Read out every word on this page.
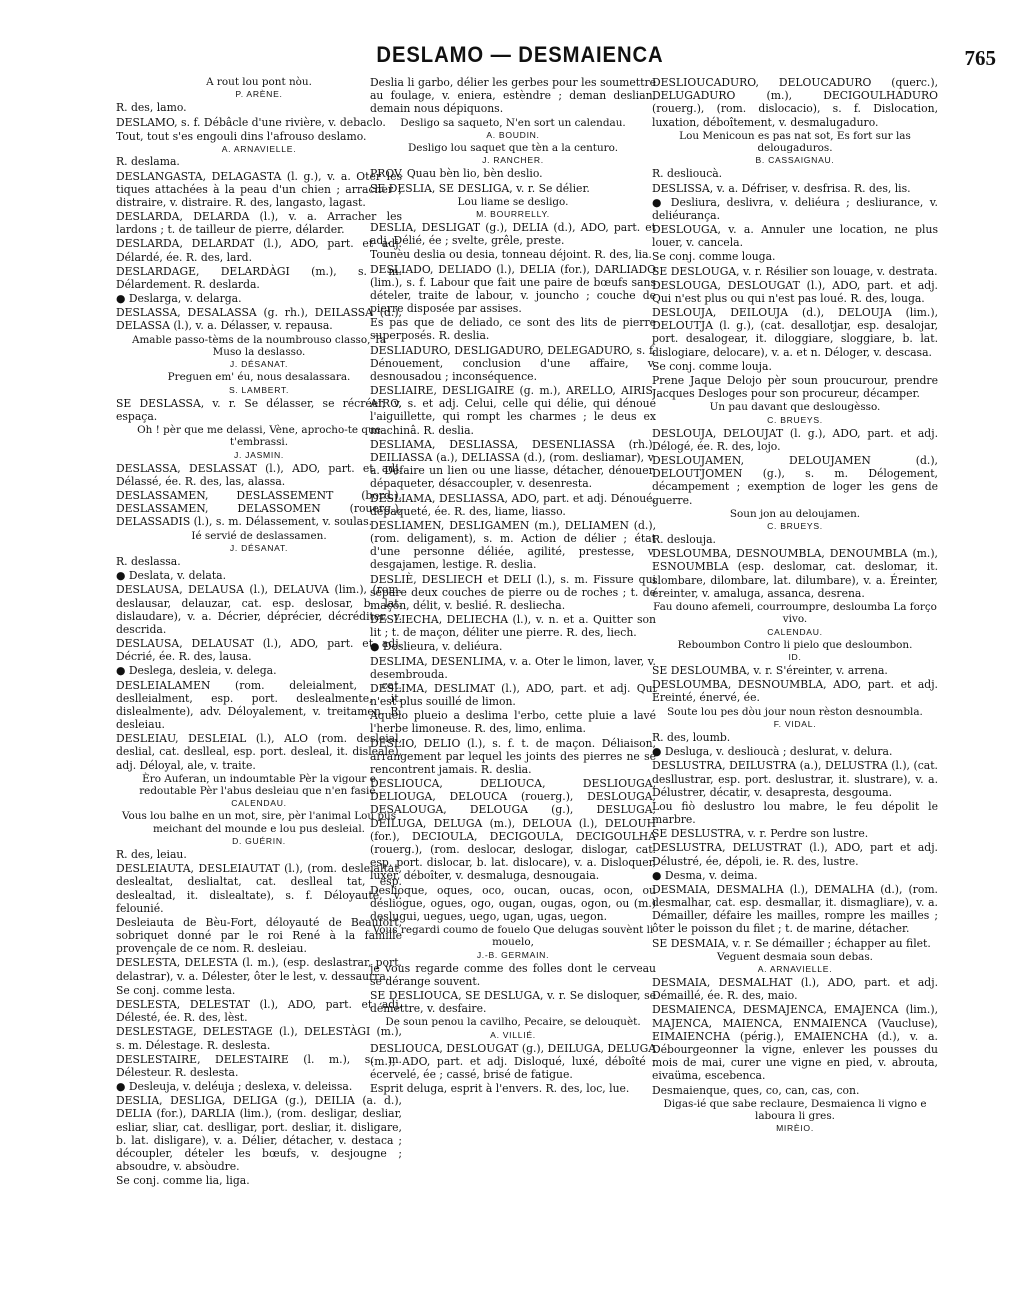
DESLAMO — DESMAIENCA	765
A rout lou pont nòu.
P. ARÈNE.
R. des, lamo.
DESLAMO, s. f. Débâcle d'une rivière, v. debaclo.
Tout, tout s'es engouli dins l'afrouso deslamo.
A. ARNAVIELLE.
R. deslama.
DESLANGASTA, DELAGASTA (l. g.), v. a. Oter les tiques attachées à la peau d'un chien ; arracher ; distraire, v. distraire. R. des, langasto, lagast.
DESLARDA, DELARDA (l.), v. a. Arracher les lardons ; t. de tailleur de pierre, délarder.
DESLARDA, DELARDAT (l.), ADO, part. et adj. Délardé, ée. R. des, lard.
DESLARDAGE, DELARDÀGI (m.), s. m. Délardement. R. deslarda.
● Deslarga, v. delarga.
DESLASSA, DESALASSA (g. rh.), DEILASSA (d.), DELASSA (l.), v. a. Délasser, v. repausa.
Amable passo-tèms de la noumbrouso classo, Ta Muso la deslasso.
J. DÉSANAT.
Preguen em' éu, nous desalassara.
S. LAMBERT.
SE DESLASSA, v. r. Se délasser, se récréer, v. espaça.
Oh ! pèr que me delassi, Vène, aprocho-te que t'embrassi.
J. JASMIN.
DESLASSA, DESLASSAT (l.), ADO, part. et adj. Délassé, ée. R. des, las, alassa.
DESLASSAMEN, DESLASSEMENT (bord.), DESLASSAMEN, DELASSOMEN (rouerg.), DELASSADIS (l.), s. m. Délassement, v. soulas.
Ié servié de deslassamen.
J. DÉSANAT.
R. deslassa.
● Deslata, v. delata.
DESLAUSA, DELAUSA (l.), DELAUVA (lim.), (rom. deslausar, delauzar, cat. esp. deslosar, b. lat. dislaudare), v. a. Décrier, déprécier, décréditer, v. descrida.
DESLAUSA, DELAUSAT (l.), ADO, part. et adj. Décrié, ée. R. des, lausa.
● Deslega, desleia, v. delega.
DESLEIALAMEN (rom. deleialment, cat. deslleialment, esp. port. deslealmente, it. dislealmente), adv. Déloyalement, v. treitamen. R. desleiau.
DESLEIAU, DESLEIAL (l.), ALO (rom. desleial, deslial, cat. deslleal, esp. port. desleal, it. disleale), adj. Déloyal, ale, v. traite.
Èro Auferan, un indoumtable Pèr la vigour e redoutable Pèr l'abus desleiau que n'en fasié.
CALENDAU.
Vous lou balhe en un mot, sire, pèr l'animal Lou pus meichant del mounde e lou pus desleial.
D. GUÉRIN.
R. des, leiau.
DESLEIAUTA, DESLEIAUTAT (l.), (rom. desleialtat, deslealtat, deslialtat, cat. deslleal tat, esp. deslealtad, it. dislealtate), s. f. Déloyauté, v. felounié.
Desleiauta de Bèu-Fort, déloyauté de Beaufort, sobriquet donné par le roi René à la famille provençale de ce nom. R. desleiau.
DESLESTA, DELESTA (l. m.), (esp. deslastrar, port. delastrar), v. a. Délester, ôter le lest, v. dessaurra.
Se conj. comme lesta.
DESLESTA, DELESTAT (l.), ADO, part. et adj. Délesté, ée. R. des, lèst.
DESLESTAGE, DELESTAGE (l.), DELESTÀGI (m.), s. m. Délestage. R. deslesta.
DESLESTAIRE, DELESTAIRE (l. m.), s. m. Délesteur. R. deslesta.
● Desleuja, v. deléuja ; deslexa, v. deleissa.
DESLIA, DESLIGA, DELIGA (g.), DEILIA (a. d.), DELIA (for.), DARLIA (lim.), (rom. desligar, desliar, esliar, sliar, cat. deslligar, port. desliar, it. disligare, b. lat. disligare), v. a. Délier, détacher, v. destaca ; découpler, dételer les bœufs, v. desjougne ; absoudre, v. absòudre.
Se conj. comme lia, liga.
Deslia li garbo, délier les gerbes pour les soumettre au foulage, v. eniera, estèndre ; deman deslian, demain nous dépiquons.
Desligo sa saqueto, N'en sort un calendau.
A. BOUDIN.
Desligo lou saquet que tèn a la centuro.
J. RANCHER.
PROV. Quau bèn lio, bèn deslio.
SE DESLIA, SE DESLIGA, v. r. Se délier.
Lou liame se desligo.
M. BOURRELLY.
DESLIA, DESLIGAT (g.), DELIA (d.), ADO, part. et adj. Délié, ée ; svelte, grêle, preste.
Tounèu deslia ou desia, tonneau déjoint. R. des, lia.
DESLIADO, DELIADO (l.), DELIA (for.), DARLIADO (lim.), s. f. Labour que fait une paire de bœufs sans dételer, traite de labour, v. jouncho ; couche de pierre disposée par assises.
Es pas que de deliado, ce sont des lits de pierre superposés. R. deslia.
DESLIADURO, DESLIGADURO, DELEGADURO, s. f. Dénouement, conclusion d'une affaire, v. desnousadou ; inconséquence.
DESLIAIRE, DESLIGAIRE (g. m.), ARELLO, AIRIS, AIRO, s. et adj. Celui, celle qui délie, qui dénoue l'aiguillette, qui rompt les charmes ; le deus ex machinâ. R. deslia.
DESLIAMA, DESLIASSA, DESENLIASSA (rh.), DEILIASSA (a.), DELIASSA (d.), (rom. desliamar), v. a. Défaire un lien ou une liasse, détacher, dénouer, dépaqueter, désaccoupler, v. desenresta.
DESLIAMA, DESLIASSA, ADO, part. et adj. Dénoué, dépaqueté, ée. R. des, liame, liasso.
DESLIAMEN, DESLIGAMEN (m.), DELIAMEN (d.), (rom. deligament), s. m. Action de délier ; état d'une personne déliée, agilité, prestesse, v. desgajamen, lestige. R. deslia.
DESLIÈ, DESLIECH et DELI (l.), s. m. Fissure qui sépare deux couches de pierre ou de roches ; t. de maçon, délit, v. beslié. R. desliecha.
DESLIECHA, DELIECHA (l.), v. n. et a. Quitter son lit ; t. de maçon, déliter une pierre. R. des, liech.
● Deslieura, v. deliéura.
DESLIMA, DESENLIMA, v. a. Oter le limon, laver, v. desembrouda.
DESLIMA, DESLIMAT (l.), ADO, part. et adj. Qui n'est plus souillé de limon.
Aquelo plueio a deslima l'erbo, cette pluie a lavé l'herbe limoneuse. R. des, limo, enlima.
DESLIO, DELIO (l.), s. f. t. de maçon. Déliaison, arrangement par lequel les joints des pierres ne se rencontrent jamais. R. deslia.
DESLIOUCA, DELIOUCA, DESLIOUGA, DELIOUGA, DELOUCA (rouerg.), DESLOUGA, DESALOUGA, DELOUGA (g.), DESLUGA, DEILUGA, DELUGA (m.), DELOUA (l.), DELOUH (for.), DECIOULA, DECIGOULA, DECIGOULHA (rouerg.), (rom. deslocar, deslogar, dislogar, cat. esp. port. dislocar, b. lat. dislocare), v. a. Disloquer, luxer, déboîter, v. desmaluga, desnougaia.
Deslioque, oques, oco, oucan, oucas, ocon, ou desliogue, ogues, ogo, ougan, ougas, ogon, ou (m.) deslugui, uegues, uego, ugan, ugas, uegon.
Vous regardi coumo de fouelo Que delugas souvènt li mouelo,
J.-B. GERMAIN.
je vous regarde comme des folles dont le cerveau se dérange souvent.
SE DESLIOUCA, SE DESLUGA, v. r. Se disloquer, se démettre, v. desfaire.
De soun penou la cavilho, Pecaire, se delouquèt.
A. VILLIÉ.
DESLIOUCA, DESLOUGAT (g.), DEILUGA, DELUGA (m.), ADO, part. et adj. Disloqué, luxé, déboîté ; écervelé, ée ; cassé, brisé de fatigue.
Esprit deluga, esprit à l'envers. R. des, loc, lue.
DESLIOUCADURO, DELOUCADURO (querc.), DELUGADURO (m.), DECIGOULHADURO (rouerg.), (rom. dislocacio), s. f. Dislocation, luxation, déboîtement, v. desmalugaduro.
Lou Menicoun es pas nat sot, Es fort sur las delougaduros.
B. CASSAIGNAU.
R. deslioucà.
DESLISSA, v. a. Défriser, v. desfrisa. R. des, lis.
● Desliura, deslivra, v. deliéura ; desliurance, v. deliéurança.
DESLOUGA, v. a. Annuler une location, ne plus louer, v. cancela.
Se conj. comme louga.
SE DESLOUGA, v. r. Résilier son louage, v. destrata.
DESLOUGA, DESLOUGAT (l.), ADO, part. et adj. Qui n'est plus ou qui n'est pas loué. R. des, louga.
DESLOUJA, DEILOUJA (d.), DELOUJA (lim.), DELOUTJA (l. g.), (cat. desallotjar, esp. desalojar, port. desalogear, it. diloggiare, sloggiare, b. lat. dislogiare, delocare), v. a. et n. Déloger, v. descasa.
Se conj. comme louja.
Prene Jaque Delojo pèr soun proucurour, prendre Jacques Desloges pour son procureur, décamper.
Un pau davant que deslougèsso.
C. BRUEYS.
DESLOUJA, DELOUJAT (l. g.), ADO, part. et adj. Délogé, ée. R. des, lojo.
DESLOUJAMEN, DELOUJAMEN (d.), DELOUTJOMEN (g.), s. m. Délogement, décampement ; exemption de loger les gens de guerre.
Soun jon au deloujamen.
C. BRUEYS.
R. deslouja.
DESLOUMBA, DESNOUMBLA, DENOUMBLA (m.), ESNOUMBLA (esp. deslomar, cat. deslomar, it. slombare, dilombare, lat. dilumbare), v. a. Éreinter, éreinter, v. amaluga, assanca, desrena.
Fau douno afemeli, courroumpre, desloumba La forço vivo.
CALENDAU.
Reboumbon Contro li pielo que desloumbon.
ID.
SE DESLOUMBA, v. r. S'éreinter, v. arrena.
DESLOUMBA, DESNOUMBLA, ADO, part. et adj. Éreinté, énervé, ée.
Soute lou pes dòu jour noun rèston desnoumbla.
F. VIDAL.
R. des, loumb.
● Desluga, v. deslioucà ; deslurat, v. delura.
DESLUSTRA, DEILUSTRA (a.), DELUSTRA (l.), (cat. desllustrar, esp. port. deslustrar, it. slustrare), v. a. Délustrer, décatir, v. desapresta, desgouma.
Lou fiò deslustro lou mabre, le feu dépolit le marbre.
SE DESLUSTRA, v. r. Perdre son lustre.
DESLUSTRA, DELUSTRAT (l.), ADO, part et adj. Délustré, ée, dépoli, ie. R. des, lustre.
● Desma, v. deima.
DESMAIA, DESMALHA (l.), DEMALHA (d.), (rom. desmalhar, cat. esp. desmallar, it. dismagliare), v. a. Démailler, défaire les mailles, rompre les mailles ; ôter le poisson du filet ; t. de marine, détacher.
SE DESMAIA, v. r. Se démailler ; échapper au filet.
Veguent desmaia soun debas.
A. ARNAVIELLE.
DESMAIA, DESMALHAT (l.), ADO, part. et adj. Démaillé, ée. R. des, maio.
DESMAIENCA, DESMAJENCA, EMAJENCA (lim.), MAJENCA, MAIENCA, ENMAIENCA (Vaucluse), EIMAIENCHA (périg.), EMAIENCHA (d.), v. a. Débourgeonner la vigne, enlever les pousses du mois de mai, curer une vigne en pied, v. abrouta, eivaüma, escebenca.
Desmaienque, ques, co, can, cas, con.
Digas-ié que sabe reclaure, Desmaienca li vigno e laboura li gres.
MIRÈIO.
